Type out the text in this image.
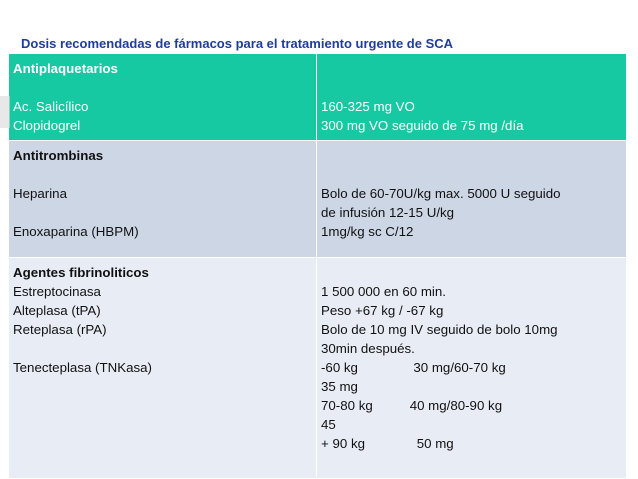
Dosis recomendadas de fármacos para el tratamiento urgente de SCA
Antiplaquetarios
Ac. Salicílico
Clopidogrel
160-325 mg VO
300 mg VO seguido de 75 mg /día
Antitrombinas
Heparina
Enoxaparina (HBPM)
Bolo de 60-70U/kg max. 5000 U seguido
de infusión 12-15 U/kg
1mg/kg sc C/12
Agentes fibrinoliticos
Estreptocinasa
Alteplasa (tPA)
Reteplasa (rPA)
Tenecteplasa (TNKasa)
1 500 000 en 60 min.
Peso +67 kg / -67 kg
Bolo de 10 mg IV seguido de bolo 10mg
30min después.
-60 kg               30 mg/60-70 kg
35 mg
70-80 kg          40 mg/80-90 kg
45
+ 90 kg              50 mg
